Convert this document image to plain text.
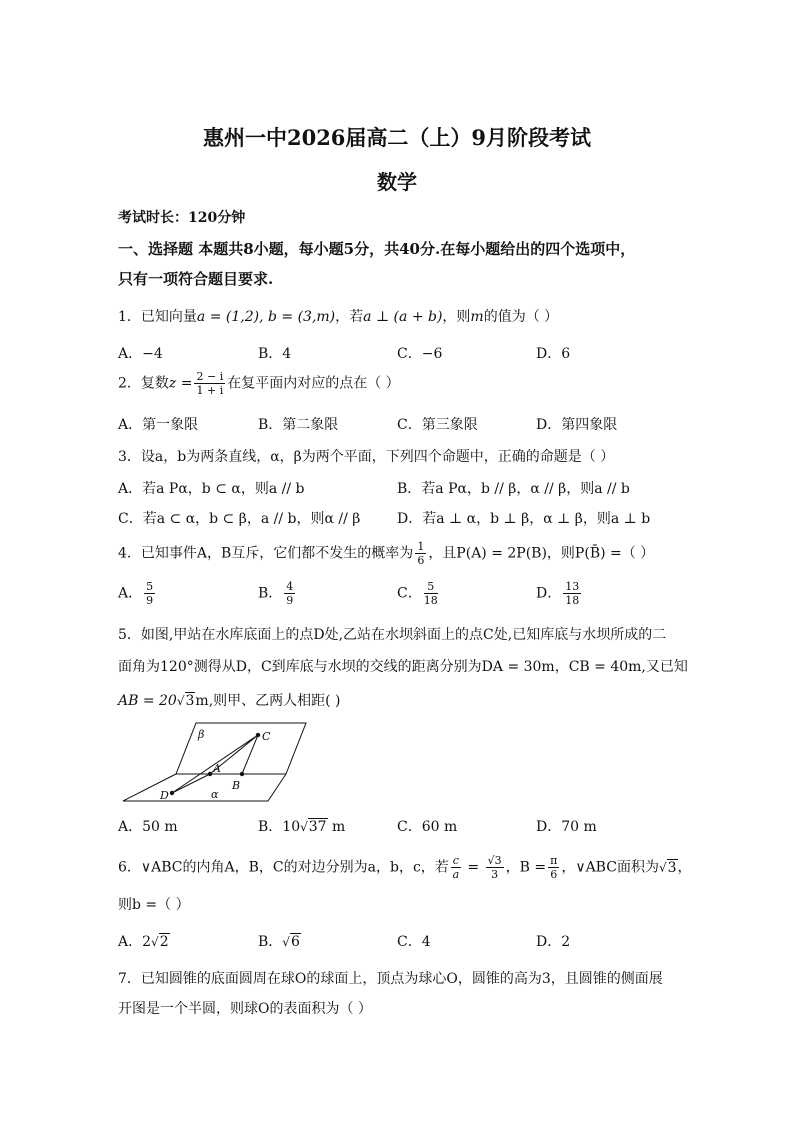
惠州一中2026届高二（上）9月阶段考试
数学
考试时长：120分钟
一、选择题 本题共8小题，每小题5分，共40分.在每小题给出的四个选项中，
只有一项符合题目要求.
1．已知向量a = (1,2), b = (3,m)，若a ⊥ (a + b)，则m的值为（ ）
A．−4	B．4	C．−6	D．6
2．复数$z = \frac{2 - i}{1 + i}$ 在复平面内对应的点在（ ）
A．第一象限	B．第二象限	C．第三象限	D．第四象限
3．设a，b为两条直线，α，β为两个平面，下列四个命题中，正确的命题是（ ）
A．若a Pα，b ⊂ α，则a // b	B．若a Pα，b // β，α // β，则a // b
C．若a ⊂ α，b ⊂ β，a // b，则α // β	D．若a ⊥ α，b ⊥ β，α ⊥ β，则a ⊥ b
4．已知事件A，B互斥，它们都不发生的概率为 $\frac{1}{6}$ ，且P(A) = 2P(B)，则P(B̄) =（ ）
A． $\frac{5}{9}$	B． $\frac{4}{9}$	C． $\frac{5}{18}$	D． $\frac{13}{18}$
5．如图,甲站在水库底面上的点D处,乙站在水坝斜面上的点C处,已知库底与水坝所成的二
面角为120°测得从D，C到库底与水坝的交线的距离分别为DA = 30m，CB = 40m,又已知
AB = 20√3m,则甲、乙两人相距( )
β
α
C
A
B
D
A．50 m	B．10√37 m	C．60 m	D．70 m
6．∨ABC的内角A，B，C的对边分别为a，b，c，若 $\frac{c}{a} = \frac{√3}{3}$ ，$B = \frac{\pi}{6}$ ，∨ABC面积为√3，
则b =（ ）
A．2√2	B．√6	C．4	D．2
7．已知圆锥的底面圆周在球O的球面上，顶点为球心O，圆锥的高为3，且圆锥的侧面展
开图是一个半圆，则球O的表面积为（ ）
